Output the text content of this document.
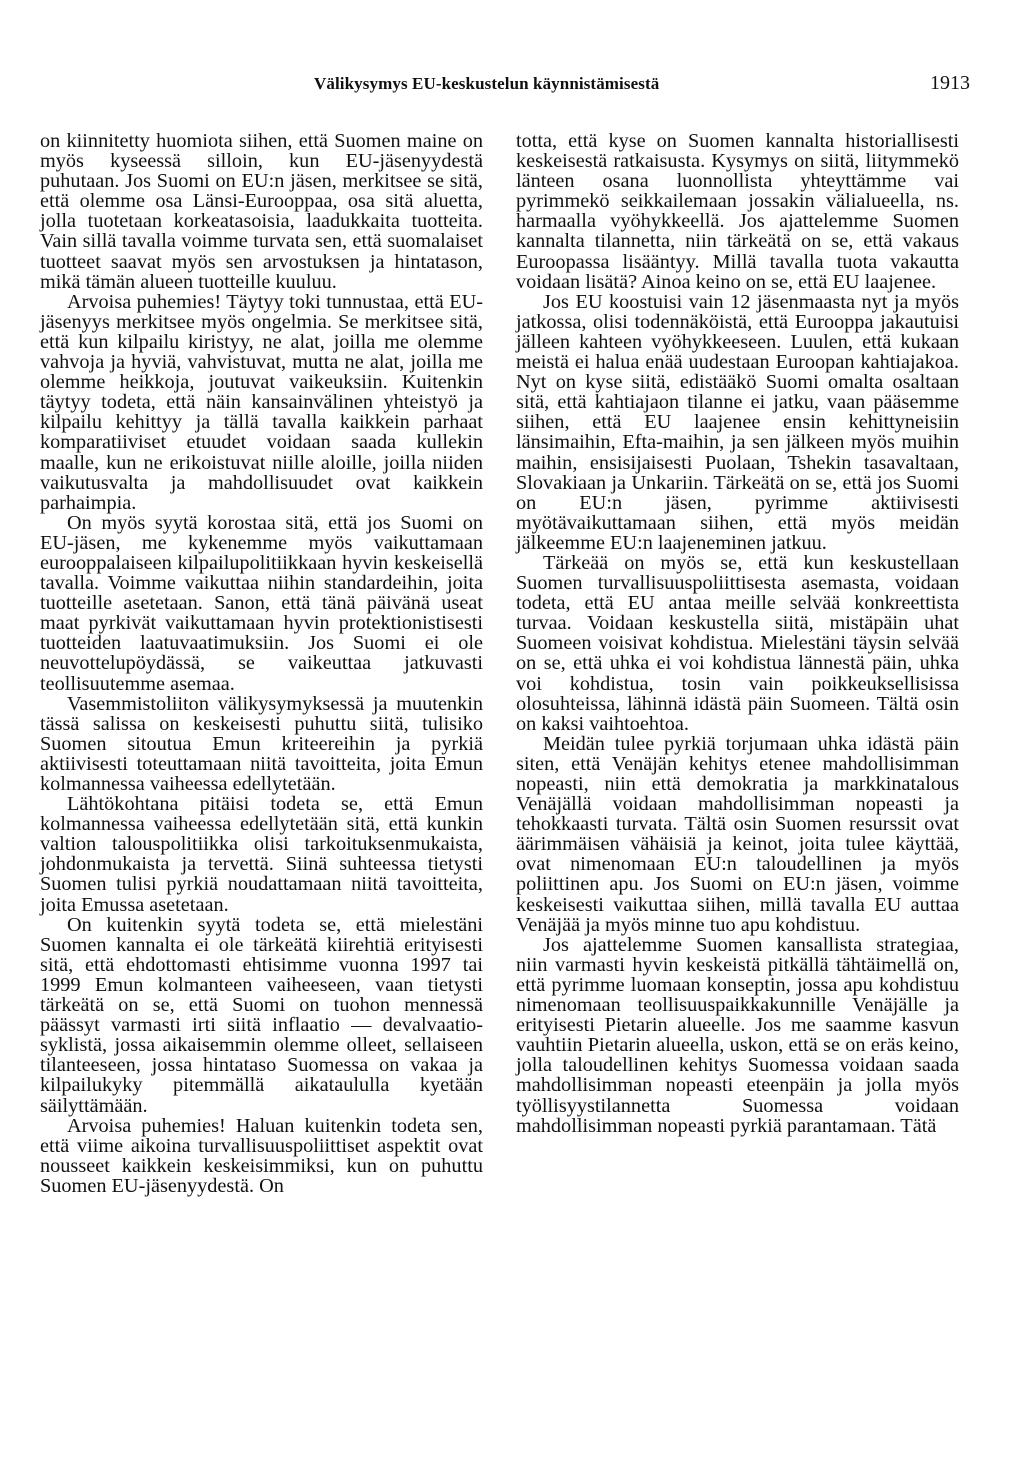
Välikysymys EU-keskustelun käynnistämisestä	1913

on kiinnitetty huomiota siihen, että Suomen maine on myös kyseessä silloin, kun EU-jäsenyydestä puhutaan. Jos Suomi on EU:n jäsen, merkitsee se sitä, että olemme osa Länsi-Eurooppaa, osa sitä aluetta, jolla tuotetaan korkeatasoisia, laadukkaita tuotteita. Vain sillä tavalla voimme turvata sen, että suomalaiset tuotteet saavat myös sen arvostuksen ja hintatason, mikä tämän alueen tuotteille kuuluu.

Arvoisa puhemies! Täytyy toki tunnustaa, että EU-jäsenyys merkitsee myös ongelmia. Se merkitsee sitä, että kun kilpailu kiristyy, ne alat, joilla me olemme vahvoja ja hyviä, vahvistuvat, mutta ne alat, joilla me olemme heikkoja, joutuvat vaikeuksiin. Kuitenkin täytyy todeta, että näin kansainvälinen yhteistyö ja kilpailu kehittyy ja tällä tavalla kaikkein parhaat komparatiiviset etuudet voidaan saada kullekin maalle, kun ne erikoistuvat niille aloille, joilla niiden vaikutusvalta ja mahdollisuudet ovat kaikkein parhaimpia.

On myös syytä korostaa sitä, että jos Suomi on EU-jäsen, me kykenemme myös vaikuttamaan eurooppalaiseen kilpailupolitiikkaan hyvin keskeisellä tavalla. Voimme vaikuttaa niihin standardeihin, joita tuotteille asetetaan. Sanon, että tänä päivänä useat maat pyrkivät vaikuttamaan hyvin protektionistisesti tuotteiden laatuvaatimuksiin. Jos Suomi ei ole neuvottelupöydässä, se vaikeuttaa jatkuvasti teollisuutemme asemaa.

Vasemmistoliiton välikysymyksessä ja muutenkin tässä salissa on keskeisesti puhuttu siitä, tulisiko Suomen sitoutua Emun kriteereihin ja pyrkiä aktiivisesti toteuttamaan niitä tavoitteita, joita Emun kolmannessa vaiheessa edellytetään.

Lähtökohtana pitäisi todeta se, että Emun kolmannessa vaiheessa edellytetään sitä, että kunkin valtion talouspolitiikka olisi tarkoituksenmukaista, johdonmukaista ja tervettä. Siinä suhteessa tietysti Suomen tulisi pyrkiä noudattamaan niitä tavoitteita, joita Emussa asetetaan.

On kuitenkin syytä todeta se, että mielestäni Suomen kannalta ei ole tärkeätä kiirehtiä erityisesti sitä, että ehdottomasti ehtisimme vuonna 1997 tai 1999 Emun kolmanteen vaiheeseen, vaan tietysti tärkeätä on se, että Suomi on tuohon mennessä päässyt varmasti irti siitä inflaatio — devalvaatio-syklistä, jossa aikaisemmin olemme olleet, sellaiseen tilanteeseen, jossa hintataso Suomessa on vakaa ja kilpailukyky pitemmällä aikataululla kyetään säilyttämään.

Arvoisa puhemies! Haluan kuitenkin todeta sen, että viime aikoina turvallisuuspoliittiset aspektit ovat nousseet kaikkein keskeisimmiksi, kun on puhuttu Suomen EU-jäsenyydestä. On

totta, että kyse on Suomen kannalta historiallisesti keskeisestä ratkaisusta. Kysymys on siitä, liitymmekö länteen osana luonnollista yhteyttämme vai pyrimmekö seikkailemaan jossakin välialueella, ns. harmaalla vyöhykkeellä. Jos ajattelemme Suomen kannalta tilannetta, niin tärkeätä on se, että vakaus Euroopassa lisääntyy. Millä tavalla tuota vakautta voidaan lisätä? Ainoa keino on se, että EU laajenee.

Jos EU koostuisi vain 12 jäsenmaasta nyt ja myös jatkossa, olisi todennäköistä, että Eurooppa jakautuisi jälleen kahteen vyöhykkeeseen. Luulen, että kukaan meistä ei halua enää uudestaan Euroopan kahtiajakoa. Nyt on kyse siitä, edistääkö Suomi omalta osaltaan sitä, että kahtiajaon tilanne ei jatku, vaan pääsemme siihen, että EU laajenee ensin kehittyneisiin länsimaihin, Efta-maihin, ja sen jälkeen myös muihin maihin, ensisijaisesti Puolaan, Tshekin tasavaltaan, Slovakiaan ja Unkariin. Tärkeätä on se, että jos Suomi on EU:n jäsen, pyrimme aktiivisesti myötävaikuttamaan siihen, että myös meidän jälkeemme EU:n laajeneminen jatkuu.

Tärkeää on myös se, että kun keskustellaan Suomen turvallisuuspoliittisesta asemasta, voidaan todeta, että EU antaa meille selvää konkreettista turvaa. Voidaan keskustella siitä, mistäpäin uhat Suomeen voisivat kohdistua. Mielestäni täysin selvää on se, että uhka ei voi kohdistua lännestä päin, uhka voi kohdistua, tosin vain poikkeuksellisissa olosuhteissa, lähinnä idästä päin Suomeen. Tältä osin on kaksi vaihtoehtoa.

Meidän tulee pyrkiä torjumaan uhka idästä päin siten, että Venäjän kehitys etenee mahdollisimman nopeasti, niin että demokratia ja markkinatalous Venäjällä voidaan mahdollisimman nopeasti ja tehokkaasti turvata. Tältä osin Suomen resurssit ovat äärimmäisen vähäisiä ja keinot, joita tulee käyttää, ovat nimenomaan EU:n taloudellinen ja myös poliittinen apu. Jos Suomi on EU:n jäsen, voimme keskeisesti vaikuttaa siihen, millä tavalla EU auttaa Venäjää ja myös minne tuo apu kohdistuu.

Jos ajattelemme Suomen kansallista strategiaa, niin varmasti hyvin keskeistä pitkällä tähtäimellä on, että pyrimme luomaan konseptin, jossa apu kohdistuu nimenomaan teollisuuspaikkakunnille Venäjälle ja erityisesti Pietarin alueelle. Jos me saamme kasvun vauhtiin Pietarin alueella, uskon, että se on eräs keino, jolla taloudellinen kehitys Suomessa voidaan saada mahdollisimman nopeasti eteenpäin ja jolla myös työllisyystilannetta Suomessa voidaan mahdollisimman nopeasti pyrkiä parantamaan. Tätä
